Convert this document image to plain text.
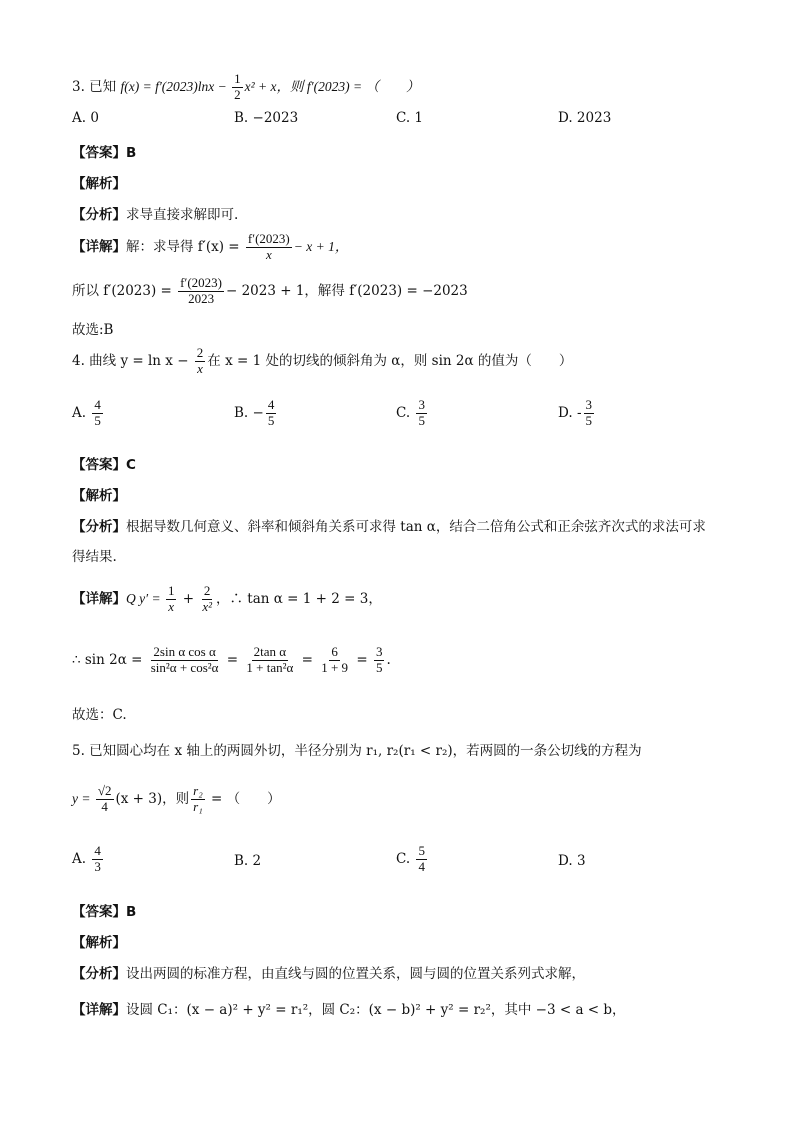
3. 已知 $f(x) = f'(2023)\ln x - \frac{1}{2} x^2 + x$，则 f′(2023) = （　　）
A. 0	B. −2023	C. 1	D. 2023
【答案】B
【解析】
【分析】求导直接求解即可.
【详解】解：求导得 $f'(x) = \frac{f'(2023)}{x} - x + 1$，
所以 $f'(2023) = \frac{f'(2023)}{2023} - 2023 + 1$，解得 f′(2023) = −2023
故选:B
4. 曲线 $y = \ln x - \frac{2}{x}$ 在 x = 1 处的切线的倾斜角为 α，则 sin 2α 的值为（　　）
A. $\frac{4}{5}$	B. − $\frac{4}{5}$	C. $\frac{3}{5}$	D. - $\frac{3}{5}$
【答案】C
【解析】
【分析】根据导数几何意义、斜率和倾斜角关系可求得 tan α，结合二倍角公式和正余弦齐次式的求法可求
得结果.
【详解】Q $y' = \frac{1}{x} + \frac{2}{\text{x²}}$ ，∴ tan α = 1 + 2 = 3，
∴ $\sin 2\alpha = \frac{\text{2sin α cos α}}{\text{sin²α + cos²α}} = \frac{\text{2tan α}}{\text{1 + tan²α}} = \frac{6}{1 + 9} = \frac{3}{5}$ .
故选：C.
5. 已知圆心均在 x 轴上的两圆外切，半径分别为 r₁, r₂(r₁ < r₂)，若两圆的一条公切线的方程为
$y = \frac{√2}{4} (x + 3)$，则 $\frac{\text{r₂}}{\text{r₁}}$ = （　　）
A. $\frac{4}{3}$	B. 2	C. $\frac{5}{4}$	D. 3
【答案】B
【解析】
【分析】设出两圆的标准方程，由直线与圆的位置关系，圆与圆的位置关系列式求解，
【详解】设圆 C₁：(x − a)² + y² = r₁²，圆 C₂：(x − b)² + y² = r₂²，其中 −3 < a < b，
